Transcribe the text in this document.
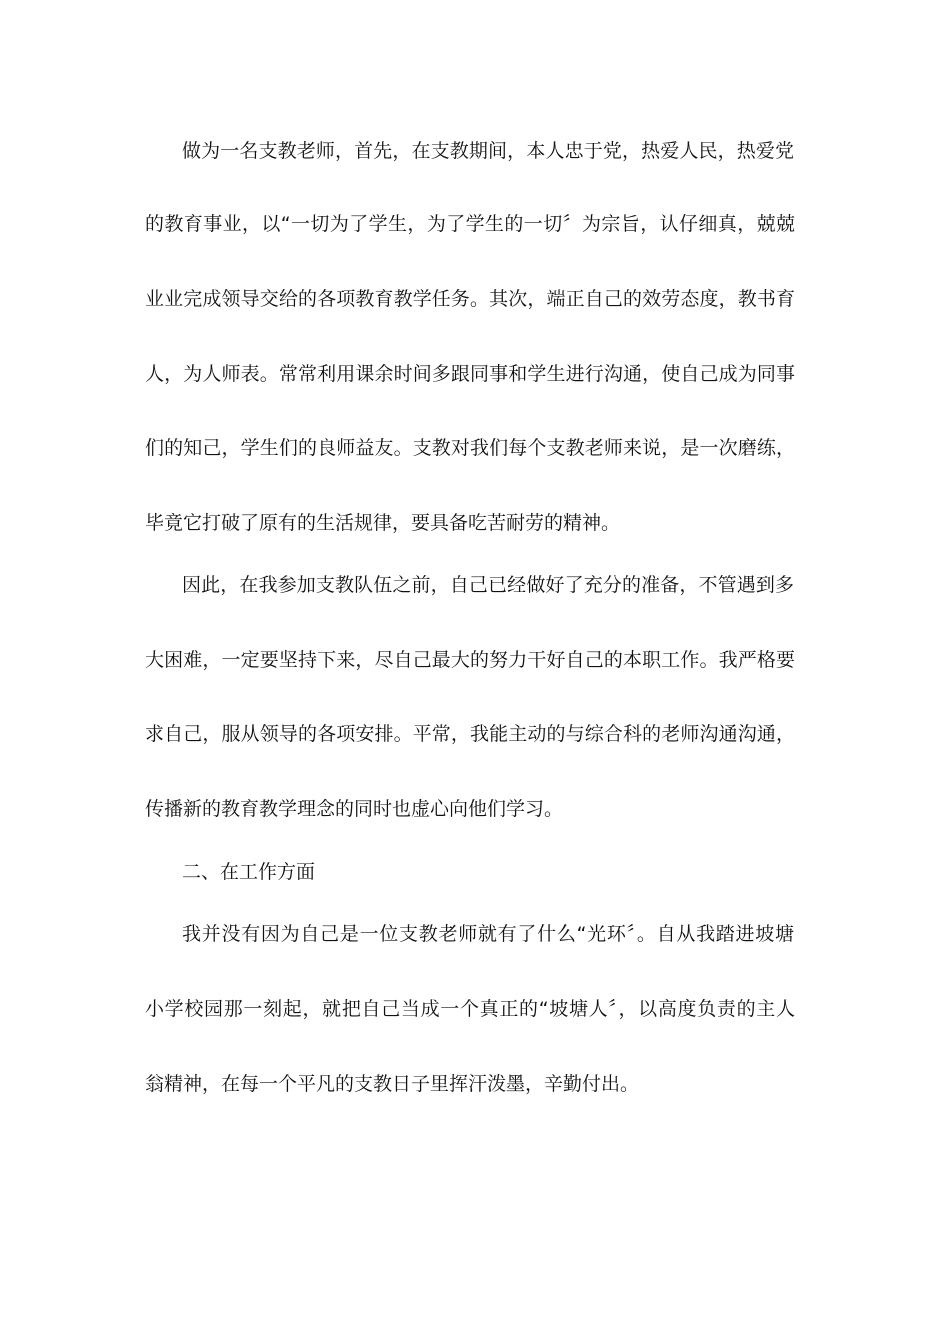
做为一名支教老师，首先，在支教期间，本人忠于党，热爱人民，热爱党
的教育事业，以“一切为了学生，为了学生的一切〞为宗旨，认仔细真，兢兢
业业完成领导交给的各项教育教学任务。其次，端正自己的效劳态度，教书育
人，为人师表。常常利用课余时间多跟同事和学生进行沟通，使自己成为同事
们的知己，学生们的良师益友。支教对我们每个支教老师来说，是一次磨练，
毕竟它打破了原有的生活规律，要具备吃苦耐劳的精神。
因此，在我参加支教队伍之前，自己已经做好了充分的准备，不管遇到多
大困难，一定要坚持下来，尽自己最大的努力干好自己的本职工作。我严格要
求自己，服从领导的各项安排。平常，我能主动的与综合科的老师沟通沟通，
传播新的教育教学理念的同时也虚心向他们学习。
二、在工作方面
我并没有因为自己是一位支教老师就有了什么“光环〞。自从我踏进坡塘
小学校园那一刻起，就把自己当成一个真正的“坡塘人〞，以高度负责的主人
翁精神，在每一个平凡的支教日子里挥汗泼墨，辛勤付出。
